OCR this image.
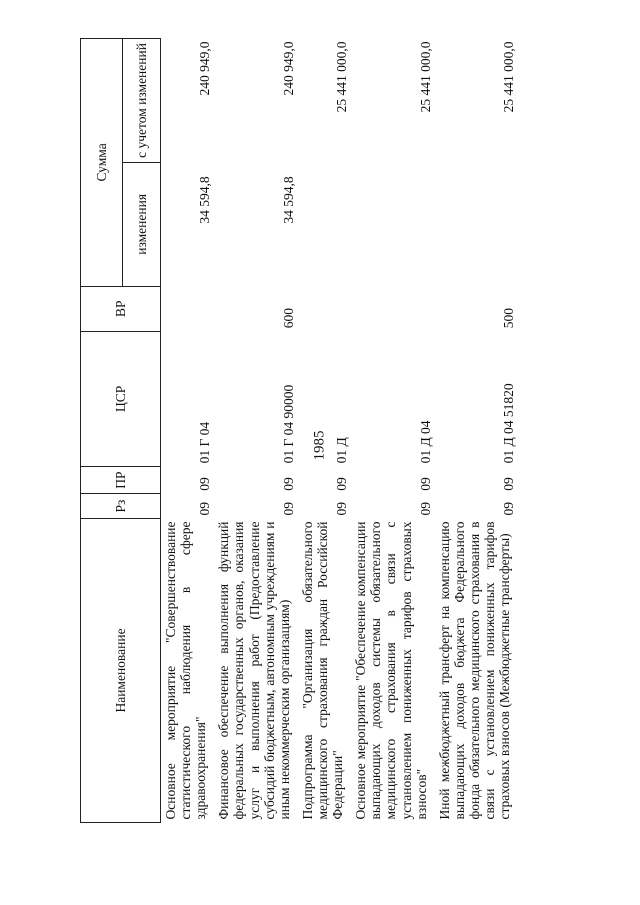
1985
Наименование	Рз	ПР	ЦСР	ВР	Сумма	
					изменения	с учетом изменений
Основное мероприятие "Совершенствование статистического наблюдения в сфере здравоохранения"	09	09	01 Г 04		34 594,8	240 949,0
Финансовое обеспечение выполнения функций федеральных государственных органов, оказания услуг и выполнения работ (Предоставление субсидий бюджетным, автономным учреждениям и иным некоммерческим организациям)	09	09	01 Г 04 90000	600	34 594,8	240 949,0
Подпрограмма "Организация обязательного медицинского страхования граждан Российской Федерации"	09	09	01 Д			25 441 000,0
Основное мероприятие "Обеспечение компенсации выпадающих доходов системы обязательного медицинского страхования в связи с установлением пониженных тарифов страховых взносов"	09	09	01 Д 04			25 441 000,0
Иной межбюджетный трансферт на компенсацию выпадающих доходов бюджета Федерального фонда обязательного медицинского страхования в связи с установлением пониженных тарифов страховых взносов (Межбюджетные трансферты)	09	09	01 Д 04 51820	500		25 441 000,0
